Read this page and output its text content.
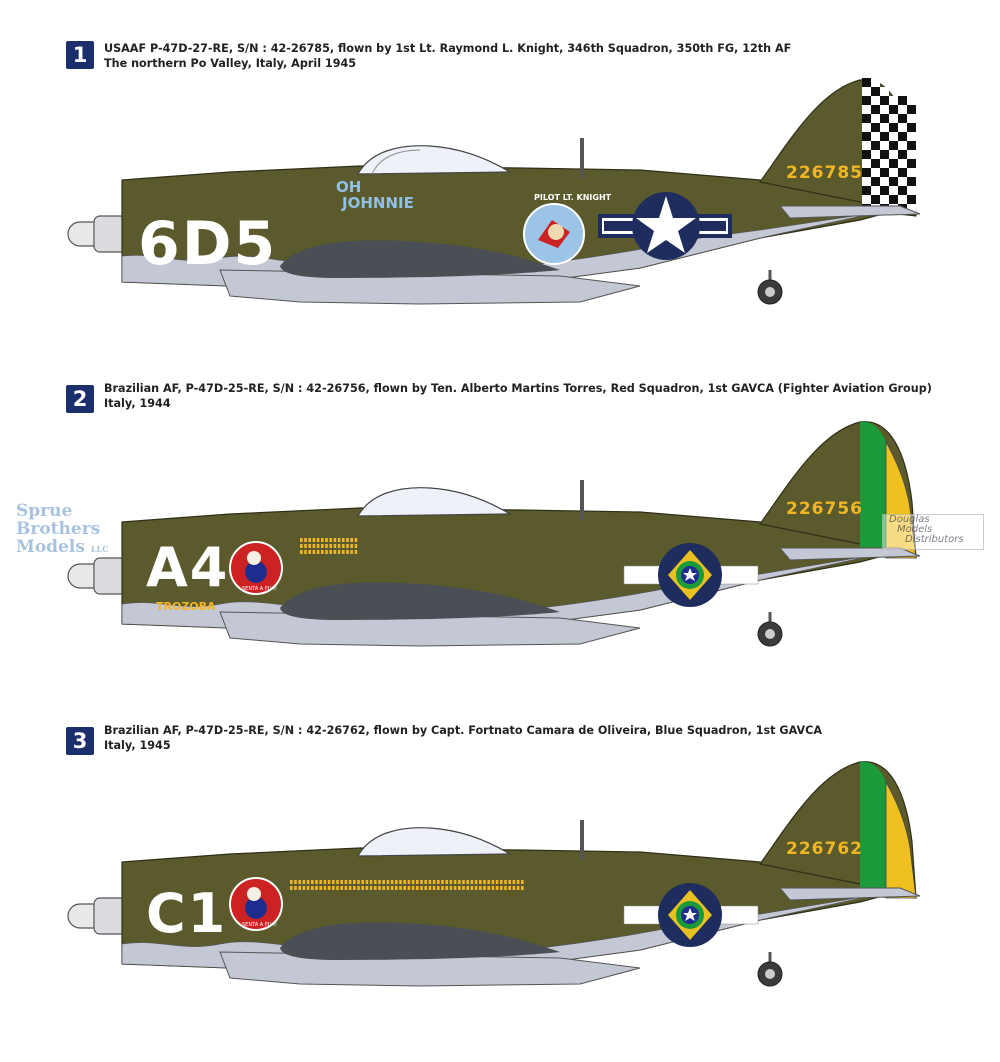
1	USAAF P-47D-27-RE, S/N : 42-26785, flown by 1st Lt. Raymond L. Knight, 346th Squadron, 350th FG, 12th AF
The northern Po Valley, Italy, April 1945
6D5
OH
JOHNNIE	PILOT LT. KNIGHT
226785
2	Brazilian AF, P-47D-25-RE, S/N : 42-26756, flown by Ten. Alberto Martins Torres, Red Squadron, 1st GAVCA (Fighter Aviation Group)
Italy, 1944
A4
TROZOBA
SENTA A PUA!
226756
3	Brazilian AF, P-47D-25-RE, S/N : 42-26762, flown by Capt. Fortnato Camara de Oliveira, Blue Squadron, 1st GAVCA
Italy, 1945
C1	SENTA A PUA!
226762
Sprue
Brothers
Models LLC
Douglas
Models
Distributors
